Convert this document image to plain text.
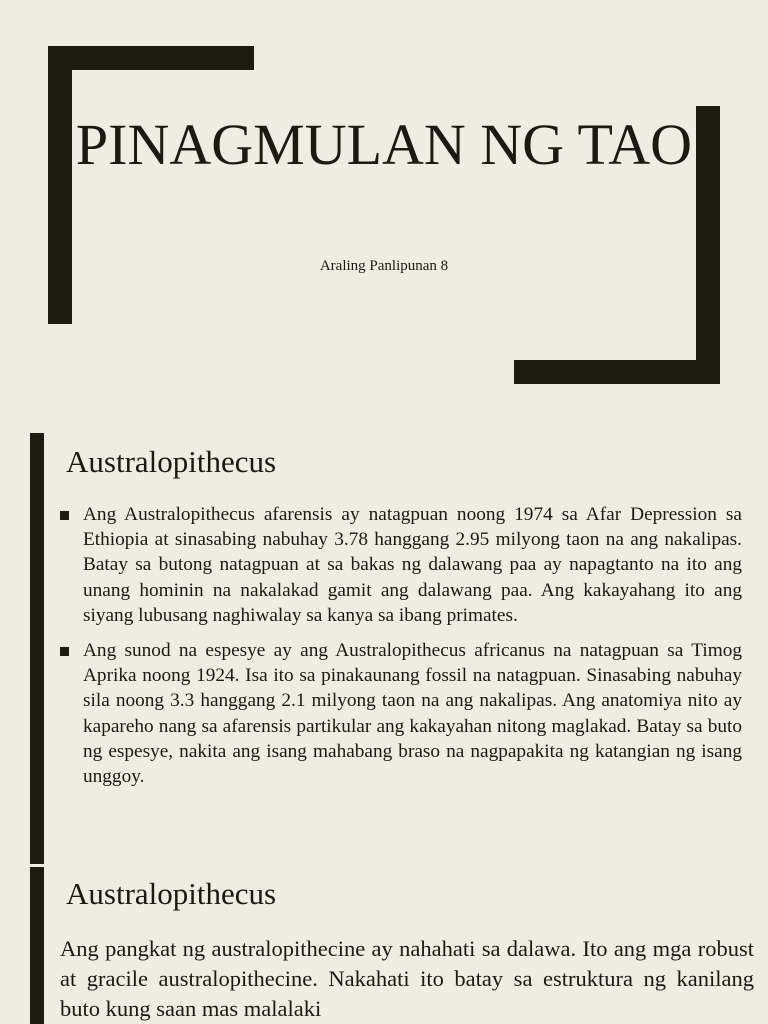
PINAGMULAN NG TAO
Araling Panlipunan 8
Australopithecus
Ang Australopithecus afarensis ay natagpuan noong 1974 sa Afar Depression sa Ethiopia at sinasabing nabuhay 3.78 hanggang 2.95 milyong taon na ang nakalipas. Batay sa butong natagpuan at sa bakas ng dalawang paa ay napagtanto na ito ang unang hominin na nakalakad gamit ang dalawang paa. Ang kakayahang ito ang siyang lubusang naghiwalay sa kanya sa ibang primates.
Ang sunod na espesye ay ang Australopithecus africanus na natagpuan sa Timog Aprika noong 1924. Isa ito sa pinakaunang fossil na natagpuan. Sinasabing nabuhay sila noong 3.3 hanggang 2.1 milyong taon na ang nakalipas. Ang anatomiya nito ay kapareho nang sa afarensis partikular ang kakayahan nitong maglakad. Batay sa buto ng espesye, nakita ang isang mahabang braso na nagpapakita ng katangian ng isang unggoy.
Australopithecus

Ang pangkat ng australopithecine ay nahahati sa dalawa. Ito ang mga robust at gracile australopithecine. Nakahati ito batay sa estruktura ng kanilang buto kung saan mas malalaki
